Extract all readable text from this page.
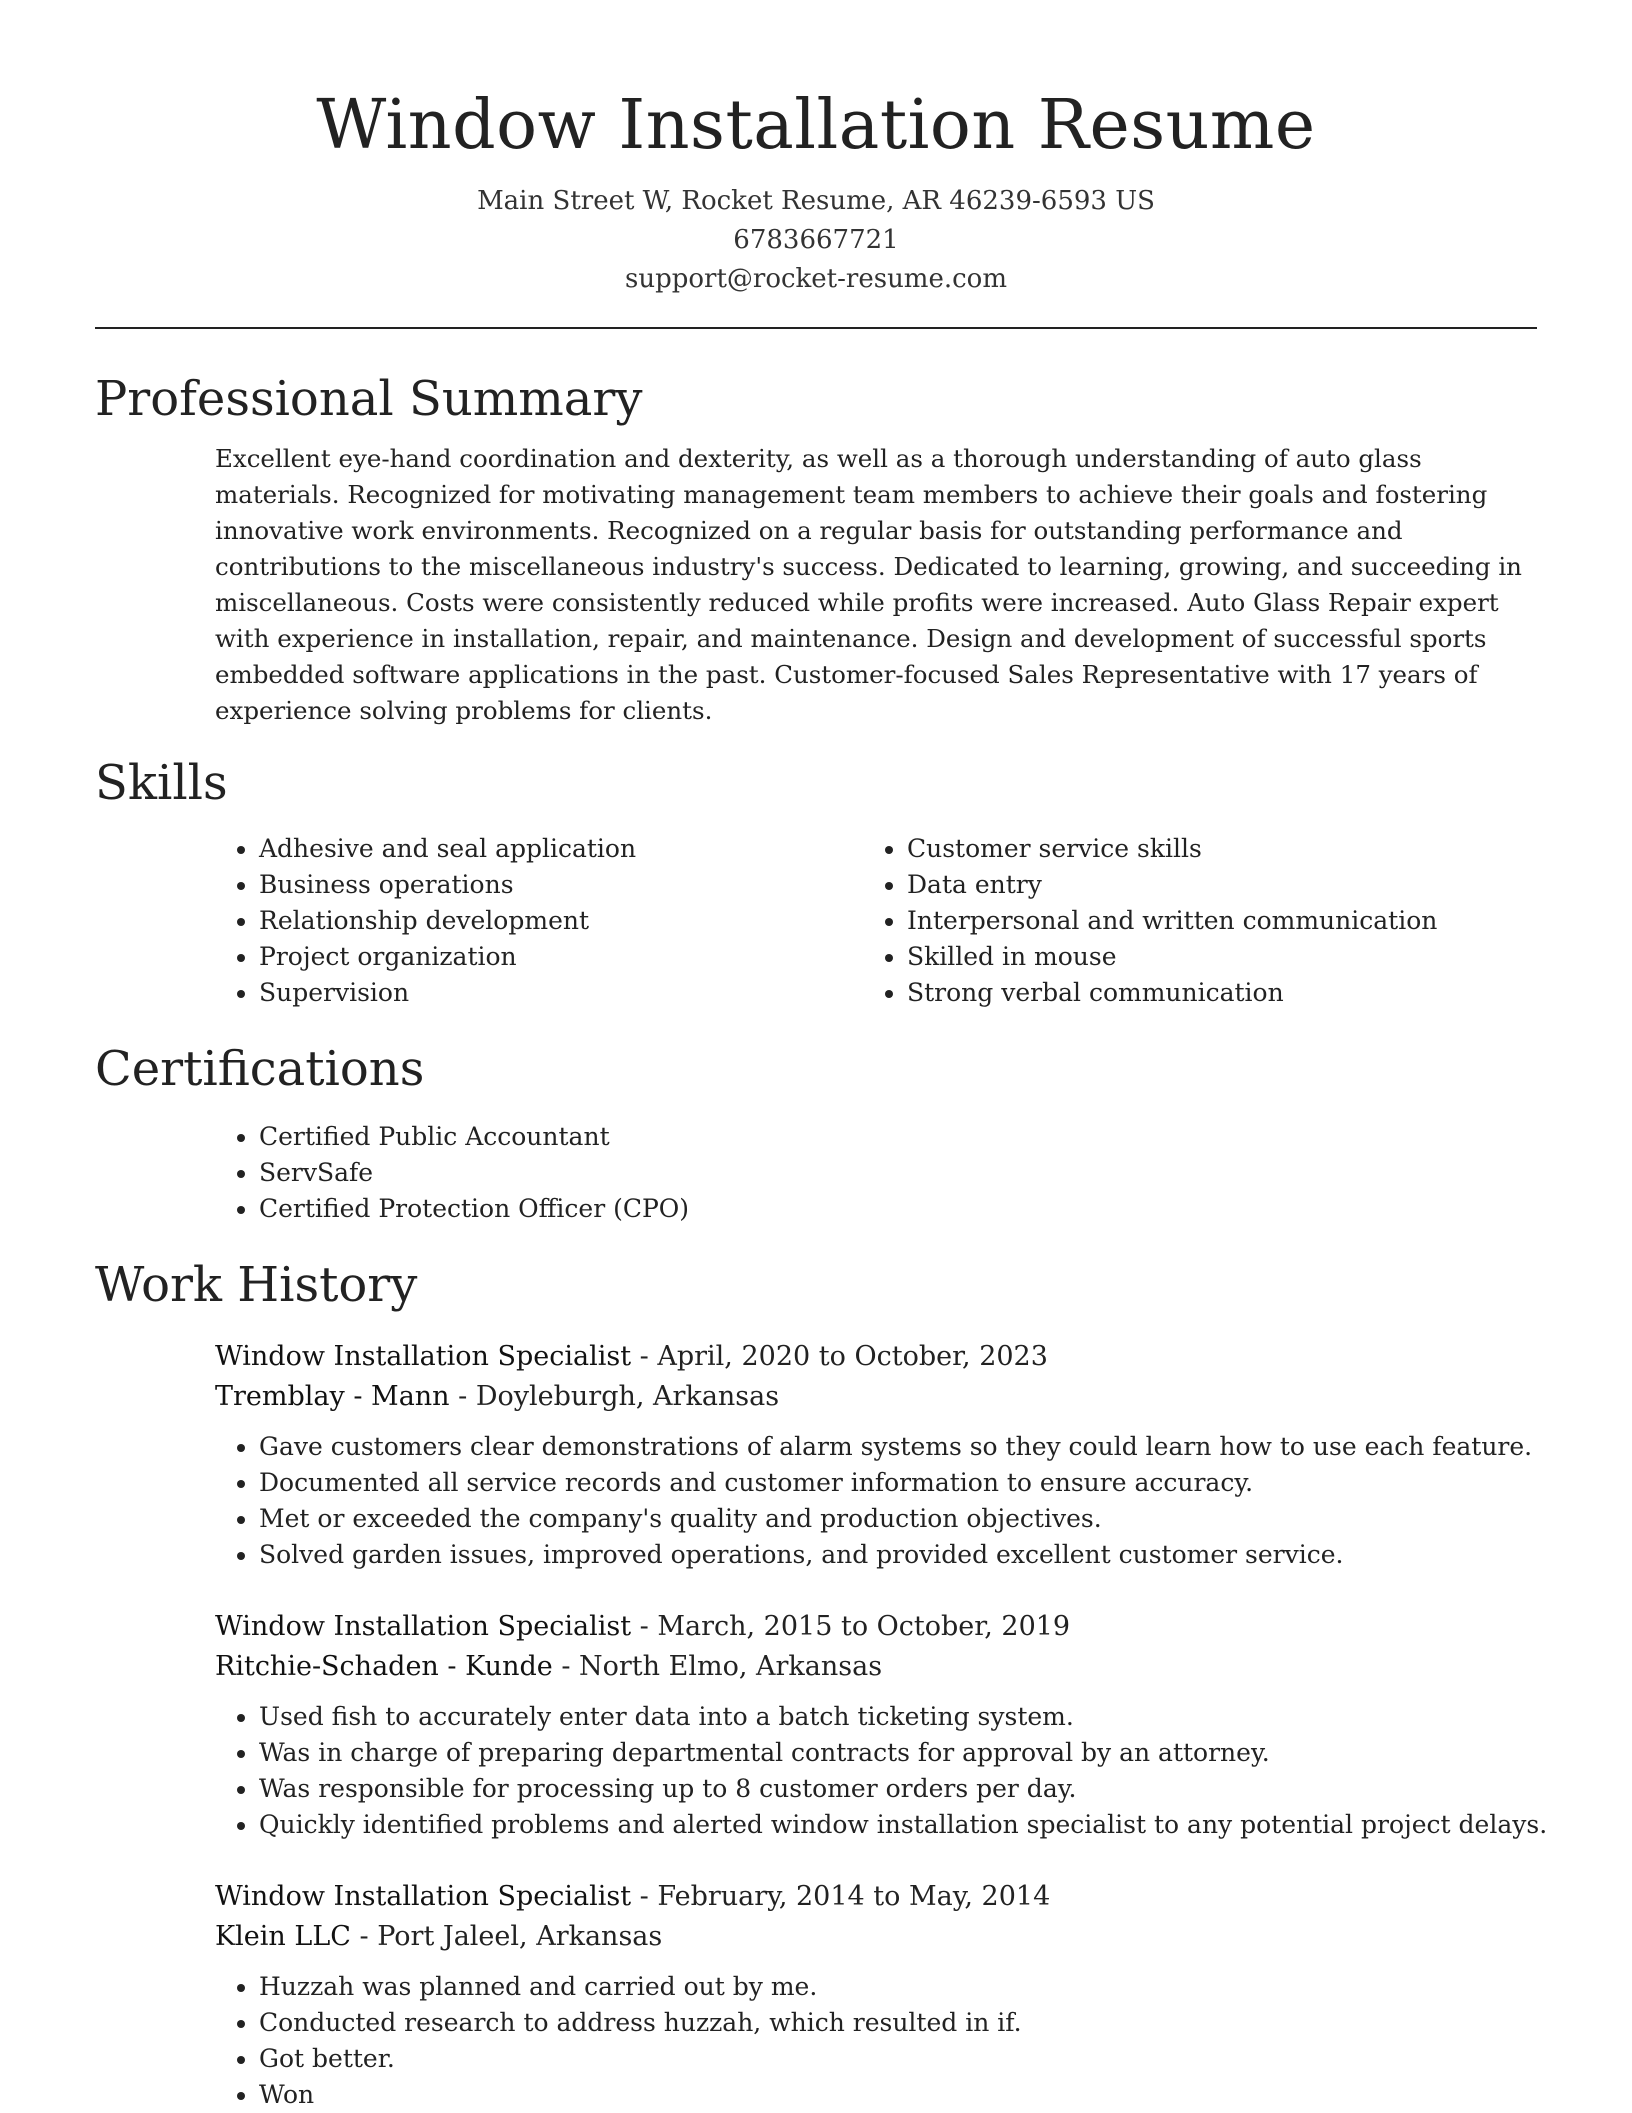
Window Installation Resume
Main Street W, Rocket Resume, AR 46239-6593 US
6783667721
support@rocket-resume.com
Professional Summary

Excellent eye-hand coordination and dexterity, as well as a thorough understanding of auto glass materials. Recognized for motivating management team members to achieve their goals and fostering innovative work environments. Recognized on a regular basis for outstanding performance and contributions to the miscellaneous industry's success. Dedicated to learning, growing, and succeeding in miscellaneous. Costs were consistently reduced while profits were increased. Auto Glass Repair expert with experience in installation, repair, and maintenance. Design and development of successful sports embedded software applications in the past. Customer-focused Sales Representative with 17 years of experience solving problems for clients.

Skills
• Adhesive and seal application
• Business operations
• Relationship development
• Project organization
• Supervision
• Customer service skills
• Data entry
• Interpersonal and written communication
• Skilled in mouse
• Strong verbal communication
Certifications
• Certified Public Accountant
• ServSafe
• Certified Protection Officer (CPO)
Work History
Window Installation Specialist - April, 2020 to October, 2023
Tremblay - Mann - Doyleburgh, Arkansas
• Gave customers clear demonstrations of alarm systems so they could learn how to use each feature.
• Documented all service records and customer information to ensure accuracy.
• Met or exceeded the company's quality and production objectives.
• Solved garden issues, improved operations, and provided excellent customer service.
Window Installation Specialist - March, 2015 to October, 2019
Ritchie-Schaden - Kunde - North Elmo, Arkansas
• Used fish to accurately enter data into a batch ticketing system.
• Was in charge of preparing departmental contracts for approval by an attorney.
• Was responsible for processing up to 8 customer orders per day.
• Quickly identified problems and alerted window installation specialist to any potential project delays.
Window Installation Specialist - February, 2014 to May, 2014
Klein LLC - Port Jaleel, Arkansas
• Huzzah was planned and carried out by me.
• Conducted research to address huzzah, which resulted in if.
• Got better.
• Won
